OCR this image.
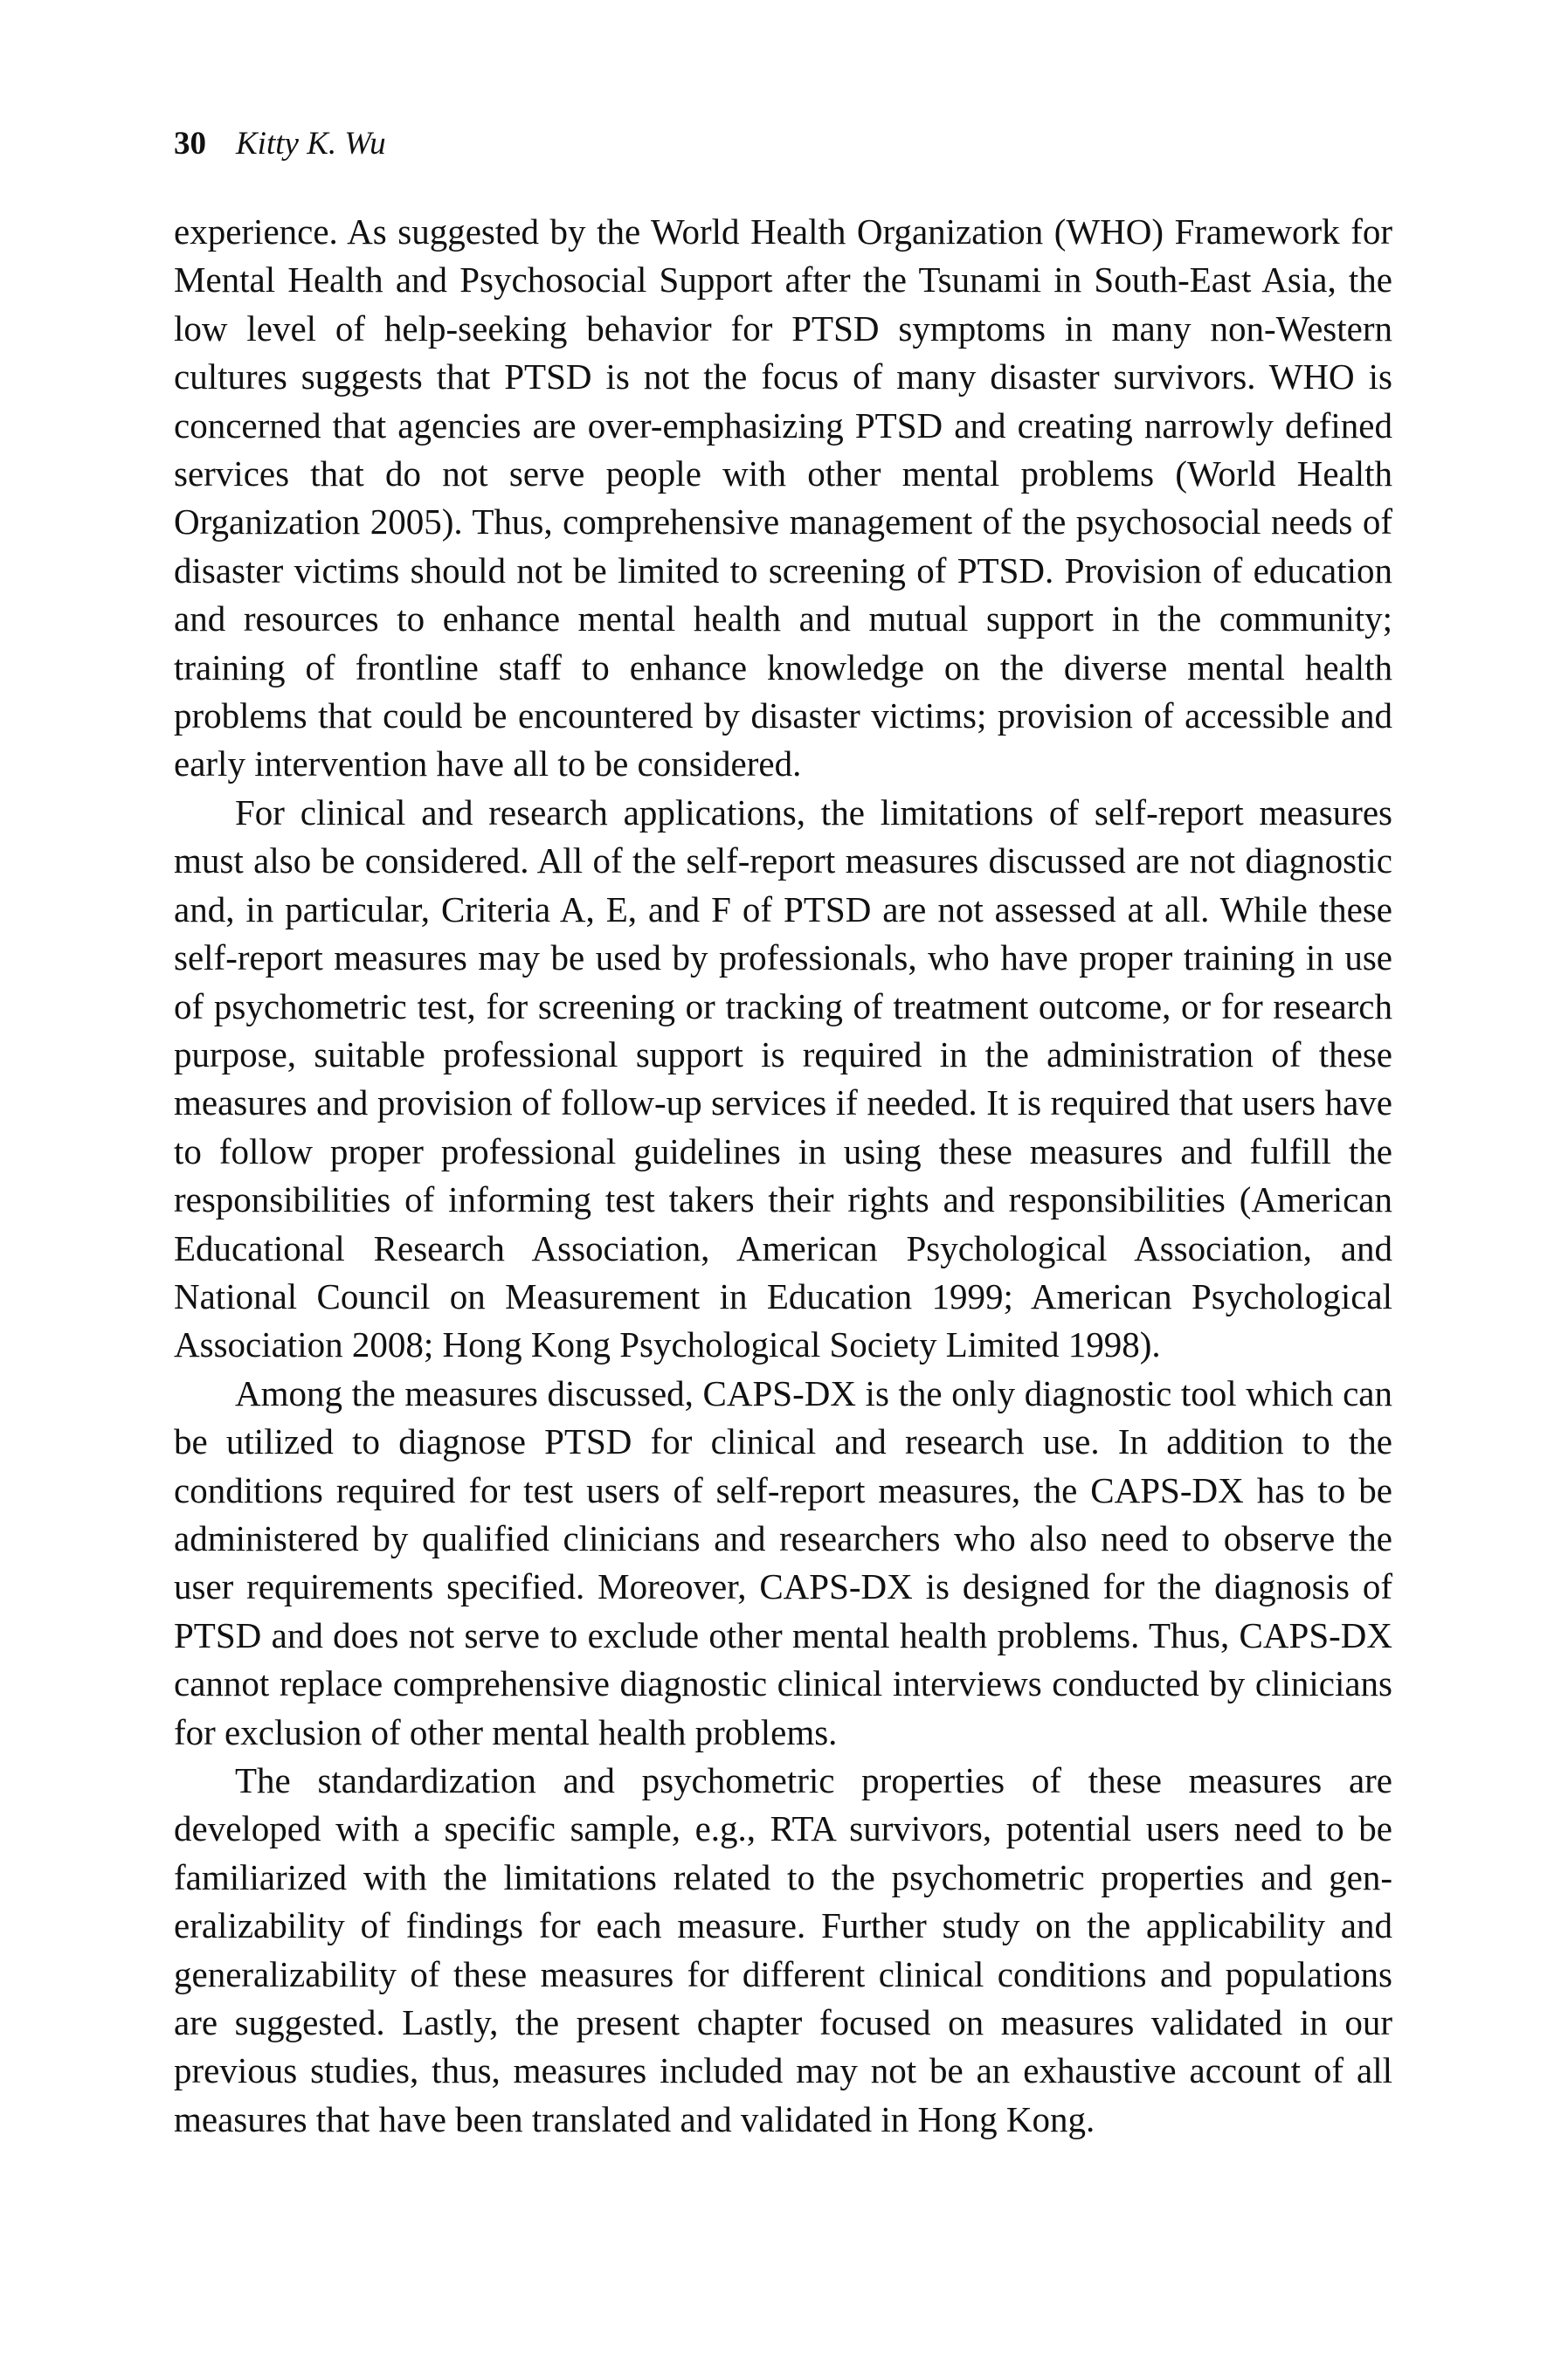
30 Kitty K. Wu

experience. As suggested by the World Health Organization (WHO) Framework for Mental Health and Psychosocial Support after the Tsunami in South-East Asia, the low level of help-seeking behavior for PTSD symptoms in many non-Western cultures suggests that PTSD is not the focus of many disaster survivors. WHO is concerned that agencies are over-emphasizing PTSD and creating narrowly defined services that do not serve people with other mental problems (World Health Organization 2005). Thus, comprehensive management of the psychosocial needs of disaster victims should not be limited to screening of PTSD. Provision of education and resources to enhance mental health and mutual support in the community; training of frontline staff to enhance knowledge on the diverse mental health problems that could be encountered by disaster victims; provision of accessible and early intervention have all to be considered.

For clinical and research applications, the limitations of self-report measures must also be considered. All of the self-report measures discussed are not diagnostic and, in particular, Criteria A, E, and F of PTSD are not assessed at all. While these self-report measures may be used by professionals, who have proper training in use of psychometric test, for screening or tracking of treatment outcome, or for research purpose, suitable professional support is required in the administration of these measures and provision of follow-up services if needed. It is required that users have to follow proper professional guidelines in using these measures and fulfill the responsibilities of informing test takers their rights and responsibilities (American Educational Research Association, American Psychological Association, and National Council on Measurement in Education 1999; American Psychological Association 2008; Hong Kong Psychological Society Limited 1998).

Among the measures discussed, CAPS-DX is the only diagnostic tool which can be utilized to diagnose PTSD for clinical and research use. In addition to the conditions required for test users of self-report measures, the CAPS-DX has to be administered by qualified clinicians and researchers who also need to observe the user requirements specified. Moreover, CAPS-DX is designed for the diagnosis of PTSD and does not serve to exclude other mental health problems. Thus, CAPS-DX cannot replace comprehensive diagnostic clinical interviews conducted by clinicians for exclusion of other mental health problems.

The standardization and psychometric properties of these measures are developed with a specific sample, e.g., RTA survivors, potential users need to be familiarized with the limitations related to the psychometric properties and generalizability of findings for each measure. Further study on the applicability and generalizability of these measures for different clinical conditions and populations are suggested. Lastly, the present chapter focused on measures validated in our previous studies, thus, measures included may not be an exhaustive account of all measures that have been translated and validated in Hong Kong.
